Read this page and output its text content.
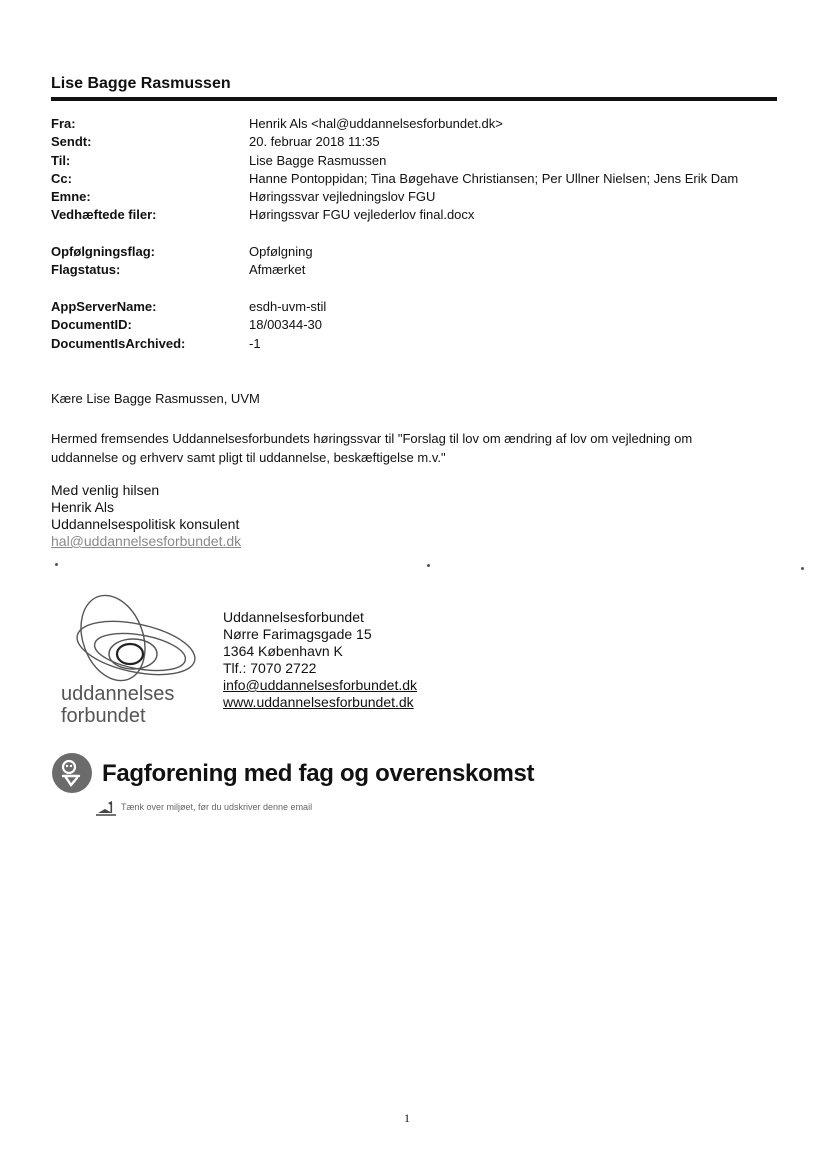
Lise Bagge Rasmussen
Fra:	Henrik Als <hal@uddannelsesforbundet.dk>
Sendt:	20. februar 2018 11:35
Til:	Lise Bagge Rasmussen
Cc:	Hanne Pontoppidan; Tina Bøgehave Christiansen; Per Ullner Nielsen; Jens Erik Dam
Emne:	Høringssvar vejledningslov FGU
Vedhæftede filer:	Høringssvar FGU vejlederlov final.docx
Opfølgningsflag:	Opfølgning
Flagstatus:	Afmærket
AppServerName:	esdh-uvm-stil
DocumentID:	18/00344-30
DocumentIsArchived:	-1
Kære Lise Bagge Rasmussen, UVM
Hermed fremsendes Uddannelsesforbundets høringssvar til "Forslag til lov om ændring af lov om vejledning om
uddannelse og erhverv samt pligt til uddannelse, beskæftigelse m.v."
Med venlig hilsen
Henrik Als
Uddannelsespolitisk konsulent
hal@uddannelsesforbundet.dk
uddannelses
forbundet
Uddannelsesforbundet
Nørre Farimagsgade 15
1364 København K
Tlf.: 7070 2722
info@uddannelsesforbundet.dk
www.uddannelsesforbundet.dk
Fagforening med fag og overenskomst
Tænk over miljøet, før du udskriver denne email
1
